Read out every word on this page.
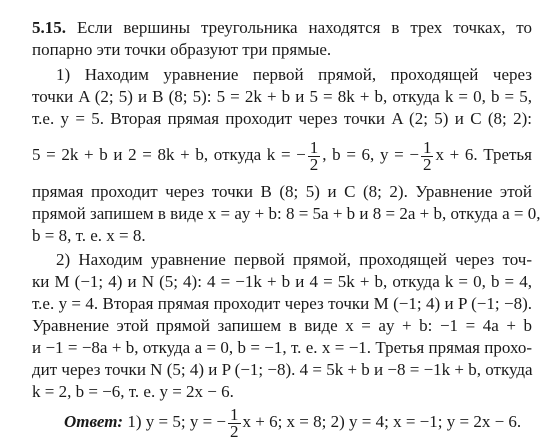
5.15. Если вершины треугольника находятся в трех точках, то
попарно эти точки образуют три прямые.
1) Находим уравнение первой прямой, проходящей через
точки A (2; 5) и B (8; 5): 5 = 2k + b и 5 = 8k + b, откуда k = 0, b = 5,
т.е. y = 5. Вторая прямая проходит через точки A (2; 5) и C (8; 2):
5 = 2k + b и 2 = 8k + b, откуда k = − $\frac{1}{2}$ , b = 6, y = − $\frac{1}{2}$ x + 6. Третья
прямая проходит через точки B (8; 5) и C (8; 2). Уравнение этой
прямой запишем в виде x = ay + b: 8 = 5a + b и 8 = 2a + b, откуда a = 0,
b = 8, т. е. x = 8.
2) Находим уравнение первой прямой, проходящей через точ-
ки M (−1; 4) и N (5; 4): 4 = −1k + b и 4 = 5k + b, откуда k = 0, b = 4,
т.е. y = 4. Вторая прямая проходит через точки M (−1; 4) и P (−1; −8).
Уравнение этой прямой запишем в виде x = ay + b: −1 = 4a + b
и −1 = −8a + b, откуда a = 0, b = −1, т. е. x = −1. Третья прямая прохо-
дит через точки N (5; 4) и P (−1; −8). 4 = 5k + b и −8 = −1k + b, откуда
k = 2, b = −6, т. е. y = 2x − 6.
Ответ: 1) y = 5; y = − $\frac{1}{2}$ x + 6; x = 8; 2) y = 4; x = −1; y = 2x − 6.
